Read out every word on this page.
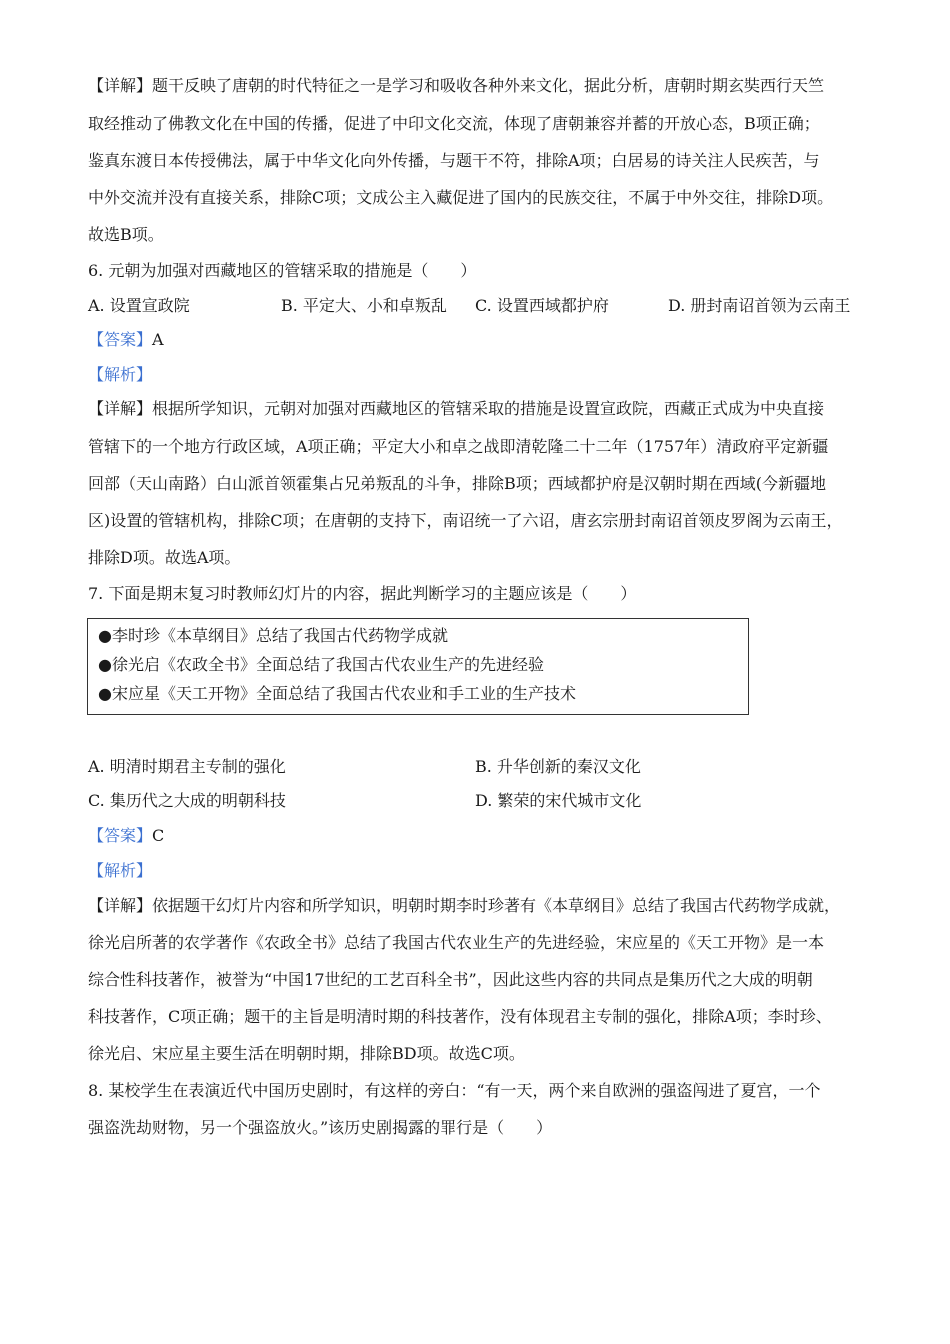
【详解】题干反映了唐朝的时代特征之一是学习和吸收各种外来文化，据此分析，唐朝时期玄奘西行天竺
取经推动了佛教文化在中国的传播，促进了中印文化交流，体现了唐朝兼容并蓄的开放心态，B项正确；
鉴真东渡日本传授佛法，属于中华文化向外传播，与题干不符，排除A项；白居易的诗关注人民疾苦，与
中外交流并没有直接关系，排除C项；文成公主入藏促进了国内的民族交往，不属于中外交往，排除D项。
故选B项。
6. 元朝为加强对西藏地区的管辖采取的措施是（　　）
A. 设置宣政院	B. 平定大、小和卓叛乱 C. 设置西域都护府	D. 册封南诏首领为云南王
【答案】A
【解析】
【详解】根据所学知识，元朝对加强对西藏地区的管辖采取的措施是设置宣政院，西藏正式成为中央直接
管辖下的一个地方行政区域，A项正确；平定大小和卓之战即清乾隆二十二年（1757年）清政府平定新疆
回部（天山南路）白山派首领霍集占兄弟叛乱的斗争，排除B项；西域都护府是汉朝时期在西域(今新疆地
区)设置的管辖机构，排除C项；在唐朝的支持下，南诏统一了六诏，唐玄宗册封南诏首领皮罗阁为云南王，
排除D项。故选A项。
7. 下面是期末复习时教师幻灯片的内容，据此判断学习的主题应该是（　　）
●李时珍《本草纲目》总结了我国古代药物学成就
●徐光启《农政全书》全面总结了我国古代农业生产的先进经验
●宋应星《天工开物》全面总结了我国古代农业和手工业的生产技术
A. 明清时期君主专制的强化	B. 升华创新的秦汉文化
C. 集历代之大成的明朝科技	D. 繁荣的宋代城市文化
【答案】C
【解析】
【详解】依据题干幻灯片内容和所学知识，明朝时期李时珍著有《本草纲目》总结了我国古代药物学成就，
徐光启所著的农学著作《农政全书》总结了我国古代农业生产的先进经验，宋应星的《天工开物》是一本
综合性科技著作，被誉为“中国17世纪的工艺百科全书”，因此这些内容的共同点是集历代之大成的明朝
科技著作，C项正确；题干的主旨是明清时期的科技著作，没有体现君主专制的强化，排除A项；李时珍、
徐光启、宋应星主要生活在明朝时期，排除BD项。故选C项。
8. 某校学生在表演近代中国历史剧时，有这样的旁白：“有一天，两个来自欧洲的强盗闯进了夏宫，一个
强盗洗劫财物，另一个强盗放火。”该历史剧揭露的罪行是（　　）
